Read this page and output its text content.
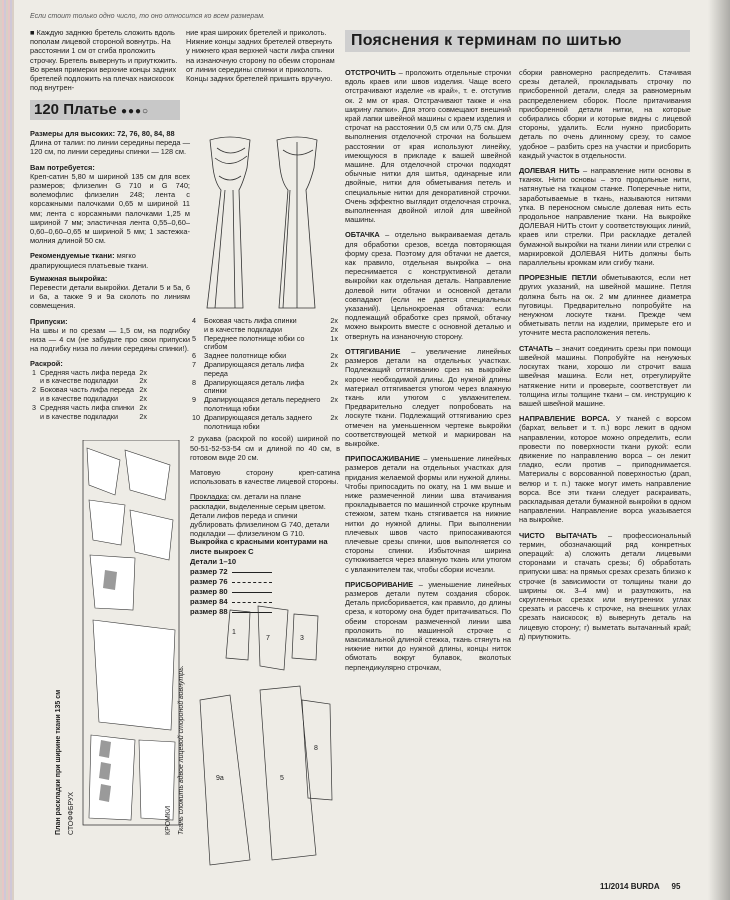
Если стоит только одно число, то оно относится ко всем размерам.
■ Каждую заднюю бретель сложить вдоль пополам лицевой стороной вовнутрь. На расстоянии 1 см от сгиба проложить строчку. Бретель вывернуть и приутюжить. Во время примерки верхние концы задних бретелей подложить на плечах наискосок под внутрен-
ние края широких бретелей и приколоть. Нижние концы задних бретелей отвернуть у нижнего края верхней части лифа спинки на изнаночную сторону по обеим сторонам от линии середины спинки и приколоть. Концы задних бретелей пришить вручную.
120 Платье ●●●○
Размеры для высоких: 72, 76, 80, 84, 88
Длина от талии: по линии середины переда — 120 см, по линии середины спинки — 128 см.
Вам потребуется:
Креп-сатин 5,80 м шириной 135 см для всех размеров; флизелин G 710 и G 740; волемофлис флизелин 248; лента с корсажными палочками 0,65 м шириной 11 мм; лента с корсажными палочками 1,25 м шириной 7 мм; эластичная лента 0,55–0,60–0,60–0,60–0,65 м шириной 5 мм; 1 застежка-молния длиной 50 см.
Рекомендуемые ткани: мягко драпирующиеся платьевые ткани.
Бумажная выкройка:
Перевести детали выкройки. Детали 5 и 5а, 6 и 6а, а также 9 и 9а сколоть по линиям совмещения.
Припуски:
На швы и по срезам — 1,5 см, на подгибку низа — 4 см (не забудьте про свои припуски на подгибку низа по линии середины спинки!).
Раскрой:
1	Средняя часть лифа переда	2x
	и в качестве подкладки	2x
2	Боковая часть лифа переда	2x
	и в качестве подкладки	2x
3	Средняя часть лифа спинки	2x
	и в качестве подкладки	2x
4	Боковая часть лифа спинки	2x
	и в качестве подкладки	2x
5	Переднее полотнище юбки со сгибом	1x
6	Заднее полотнище юбки	2x
7	Драпирующаяся деталь лифа переда	2x
8	Драпирующаяся деталь лифа спинки	2x
9	Драпирующаяся деталь переднего полотнища юбки	2x
10	Драпирующаяся деталь заднего полотнища юбки	2x
2 рукава (раскрой по косой) шириной по 50-51-52-53-54 см и длиной по 40 см, в готовом виде 20 см.
Матовую сторону креп-сатина использовать в качестве лицевой стороны.
Прокладка: см. детали на плане раскладки, выделенные серым цветом. Детали лифов переда и спинки дублировать флизелином G 740, детали подкладки — флизелином G 710.
Выкройка с красными контурами на листе выкроек С
Детали 1–10
размер 72
размер 76
размер 80
размер 84
размер 88
План раскладки при ширине ткани 135 см СТОФФБРУХ	Ткань сложить вдвое лицевой стороной вовнутрь.
КРОМКИ
1
7	3
9a	5
8
Пояснения к терминам по шитью
ОТСТРОЧИТЬ – проложить отдельные строчки вдоль краев или швов изделия. Чаще всего отстрачивают изделие «в край», т. е. отступив ок. 2 мм от края. Отстрачивают также и «на ширину лапки». Для этого совмещают внешний край лапки швейной машины с краем изделия и строчат на расстоянии 0,5 см или 0,75 см. Для выполнения отделочной строчки на большем расстоянии от края используют линейку, имеющуюся в прикладе к вашей швейной машине. Для отделочной строчки подходят обычные нитки для шитья, одинарные или двойные, нитки для обметывания петель и специальные нитки для декоративной строчки. Очень эффектно выглядит отделочная строчка, выполненная двойной иглой для швейной машины.
ОБТАЧКА – отдельно выкраиваемая деталь для обработки срезов, всегда повторяющая форму среза. Поэтому для обтачки не дается, как правило, отдельная выкройка – она переснимается с конструктивной детали выкройки как отдельная деталь. Направление долевой нити обтачки и основной детали совпадают (если не дается специальных указаний). Цельнокроеная обтачка: если подлежащий обработке срез прямой, обтачку можно выкроить вместе с основной деталью и отвернуть на изнаночную сторону.
ОТТЯГИВАНИЕ – увеличение линейных размеров детали на отдельных участках. Подлежащий оттягиванию срез на выкройке короче необходимой длины. До нужной длины материал оттягивается утюгом через влажную ткань или утюгом с увлажнителем. Предварительно следует попробовать на лоскуте ткани. Подлежащий оттягиванию срез отмечен на уменьшенном чертеже выкройки соответствующей меткой и маркирован на выкройке.
ПРИПОСАЖИВАНИЕ – уменьшение линейных размеров детали на отдельных участках для придания желаемой формы или нужной длины. Чтобы припосадить по окату, на 1 мм выше и ниже размеченной линии шва втачивания прокладывается по машинной строчке крупным стежком, затем ткань стягивается на нижние нитки до нужной длины. При выполнении плечевых швов часто припосаживаются плечевые срезы спинки, шов выполняется со стороны спинки. Избыточная ширина сутюживается через влажную ткань или утюгом с увлажнителем так, чтобы сборки исчезли.
ПРИСБОРИВАНИЕ – уменьшение линейных размеров детали путем создания сборок. Деталь присборивается, как правило, до длины среза, к которому она будет притачиваться. По обеим сторонам размеченной линии шва проложить по машинной строчке с максимальной длиной стежка, ткань стянуть на нижние нитки до нужной длины, концы ниток обмотать вокруг булавок, вколотых перпендикулярно строчкам,
сборки равномерно распределить. Стачивая срезы деталей, прокладывать строчку по присборенной детали, следя за равномерным распределением сборок. После притачивания присборенной детали нитки, на которые собирались сборки и которые видны с лицевой стороны, удалить. Если нужно присборить деталь по очень длинному срезу, то самое удобное – разбить срез на участки и присборить каждый участок в отдельности.
ДОЛЕВАЯ НИТЬ – направление нити основы в тканях. Нити основы – это продольные нити, натянутые на ткацком станке. Поперечные нити, заработываемые в ткань, называются нитями утка. В переносном смысле долевая нить есть продольное направление ткани. На выкройке ДОЛЕВАЯ НИТЬ стоит у соответствующих линий, краев или стрелки. При раскладке деталей бумажной выкройки на ткани линии или стрелки с маркировкой ДОЛЕВАЯ НИТЬ должны быть параллельны кромкам или сгибу ткани.
ПРОРЕЗНЫЕ ПЕТЛИ обметываются, если нет других указаний, на швейной машине. Петля должна быть на ок. 2 мм длиннее диаметра пуговицы. Предварительно попробуйте на ненужном лоскуте ткани. Прежде чем обметывать петли на изделии, примерьте его и уточните места расположения петель.
СТАЧАТЬ – значит соединить срезы при помощи швейной машины. Попробуйте на ненужных лоскутах ткани, хорошо ли строчит ваша швейная машина. Если нет, отрегулируйте натяжение нити и проверьте, соответствует ли толщина иглы толщине ткани – см. инструкцию к вашей швейной машине.
НАПРАВЛЕНИЕ ВОРСА. У тканей с ворсом (бархат, вельвет и т. п.) ворс лежит в одном направлении, которое можно определить, если провести по поверхности ткани рукой: если движение по направлению ворса – он лежит гладко, если против – приподнимается. Материалы с ворсованной поверхностью (драп, велюр и т. п.) также могут иметь направление ворса. Все эти ткани следует раскраивать, раскладывая детали бумажной выкройки в одном направлении. Направление ворса указывается на выкройке.
ЧИСТО ВЫТАЧАТЬ – профессиональный термин, обозначающий ряд конкретных операций: а) сложить детали лицевыми сторонами и стачать срезы; б) обработать припуски шва: на прямых срезах срезать близко к строчке (в зависимости от толщины ткани до ширины ок. 3–4 мм) и разутюжить, на скругленных срезах или внутренних углах срезать и рассечь к строчке, на внешних углах срезать наискосок; в) вывернуть деталь на лицевую сторону; г) выметать вытачанный край; д) приутюжить.
11/2014 BURDA 95
